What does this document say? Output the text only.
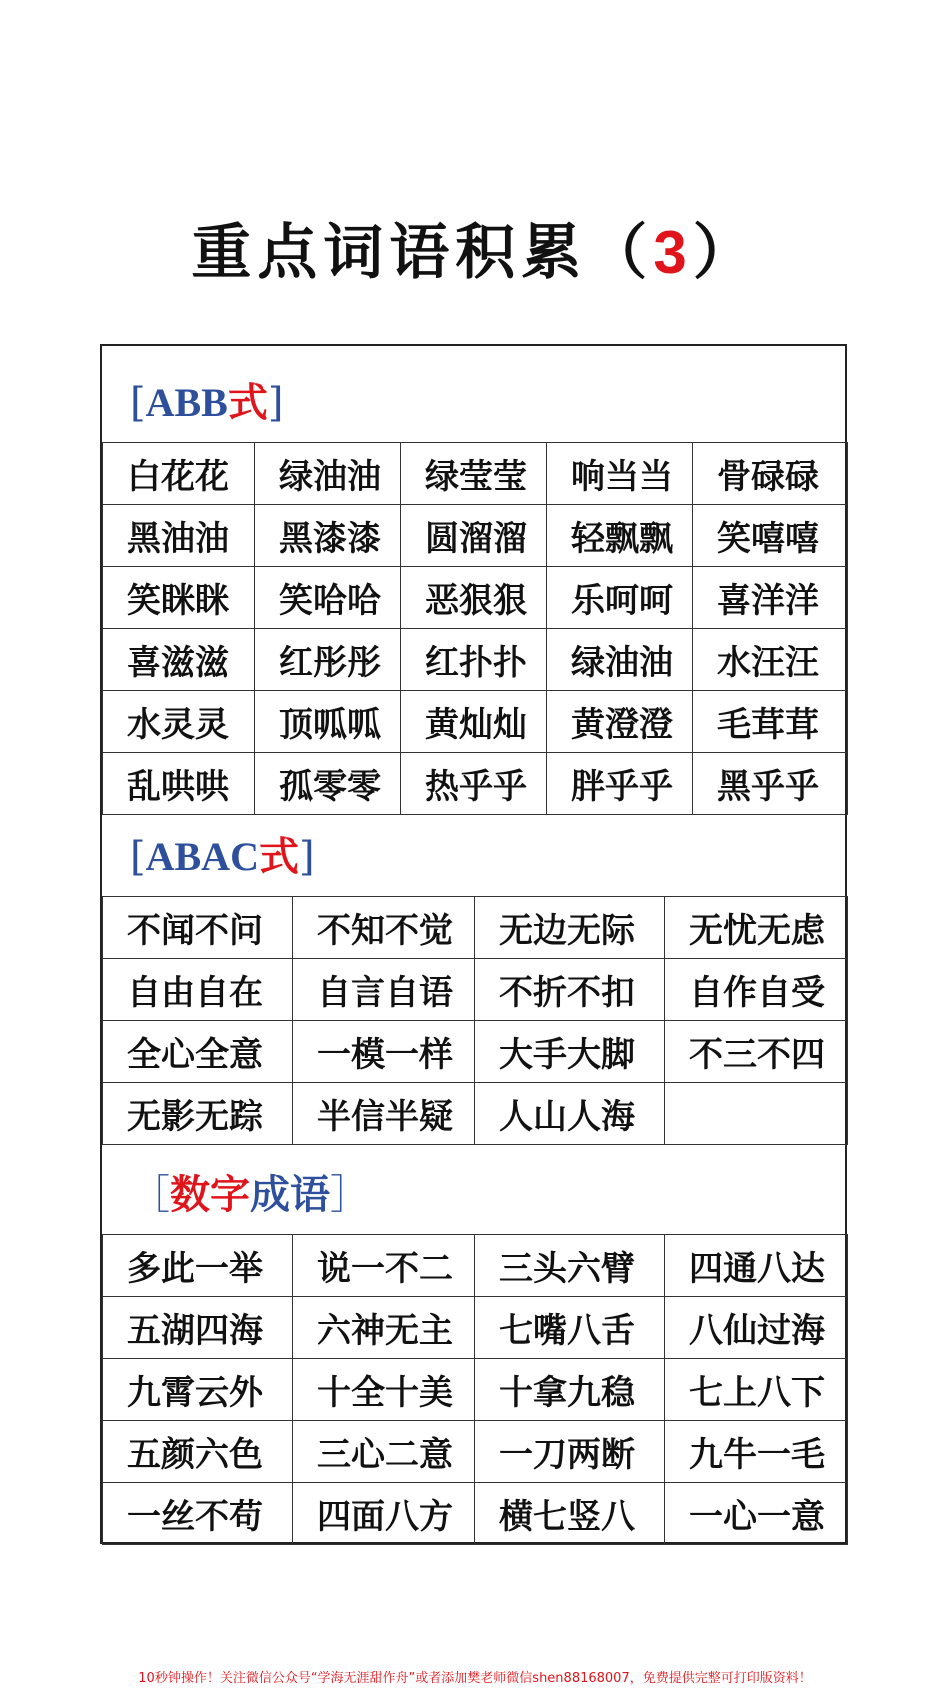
重点词语积累（3）
[ABB式]
白花花	绿油油	绿莹莹	响当当	骨碌碌
黑油油	黑漆漆	圆溜溜	轻飘飘	笑嘻嘻
笑眯眯	笑哈哈	恶狠狠	乐呵呵	喜洋洋
喜滋滋	红彤彤	红扑扑	绿油油	水汪汪
水灵灵	顶呱呱	黄灿灿	黄澄澄	毛茸茸
乱哄哄	孤零零	热乎乎	胖乎乎	黑乎乎
[ABAC式]
不闻不问	不知不觉	无边无际	无忧无虑
自由自在	自言自语	不折不扣	自作自受
全心全意	一模一样	大手大脚	不三不四
无影无踪	半信半疑	人山人海	
［数字成语］
多此一举	说一不二	三头六臂	四通八达
五湖四海	六神无主	七嘴八舌	八仙过海
九霄云外	十全十美	十拿九稳	七上八下
五颜六色	三心二意	一刀两断	九牛一毛
一丝不苟	四面八方	横七竖八	一心一意
10秒钟操作！关注微信公众号“学海无涯甜作舟”或者添加樊老师微信shen88168007，免费提供完整可打印版资料！
